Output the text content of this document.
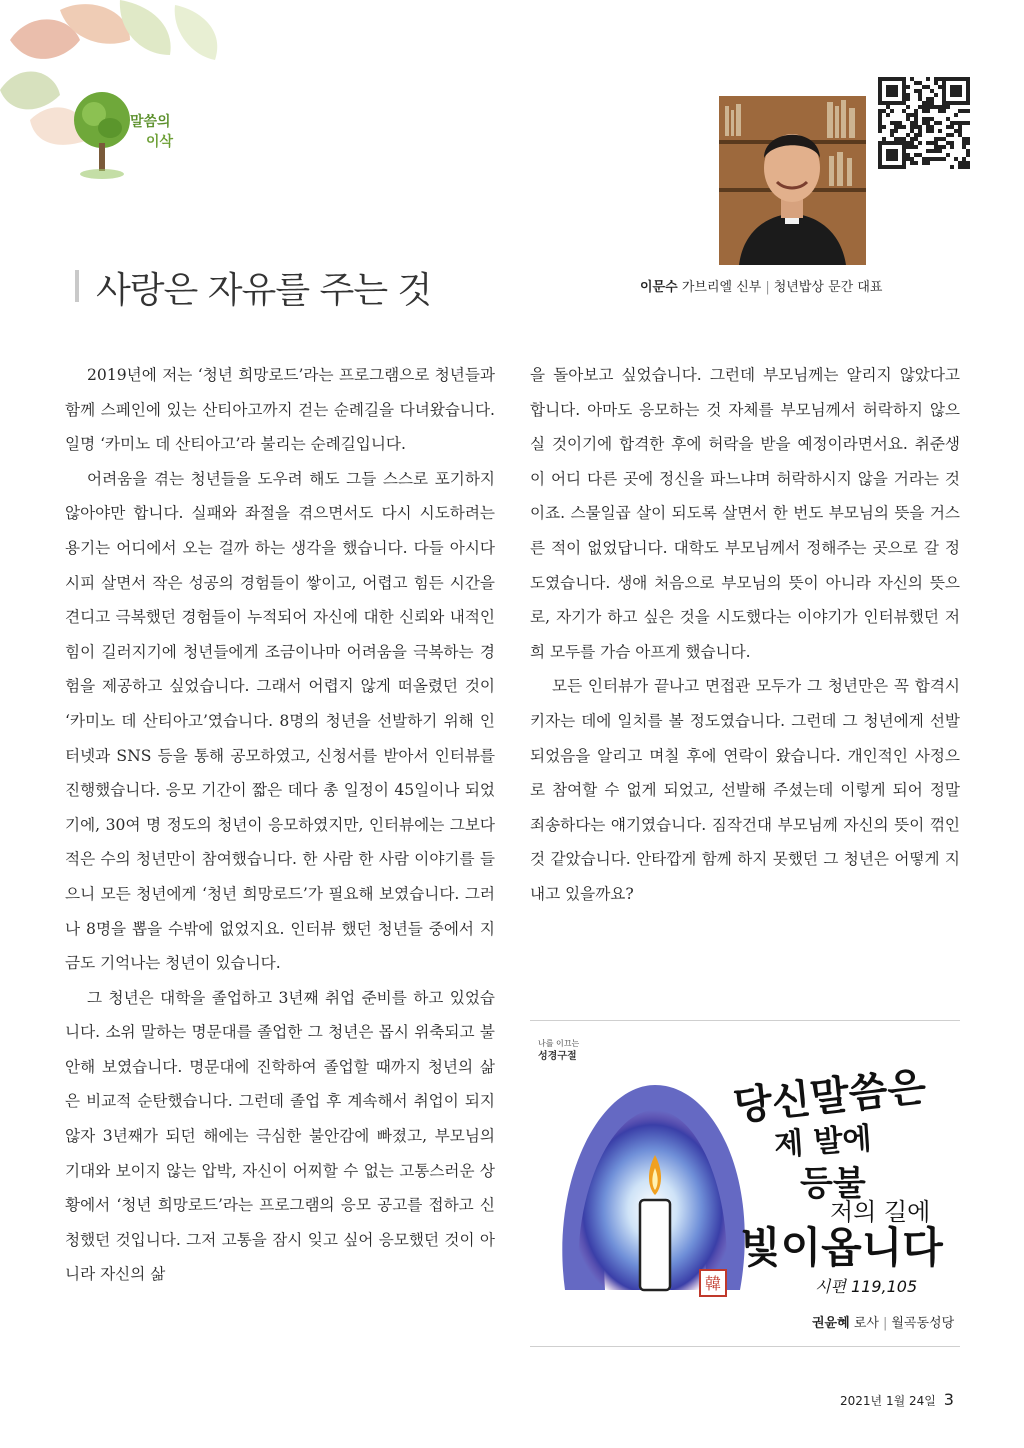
말씀의
이삭
사랑은 자유를 주는 것	이문수 가브리엘 신부 | 청년밥상 문간 대표

2019년에 저는 ‘청년 희망로드’라는 프로그램으로 청년들과 함께 스페인에 있는 산티아고까지 걷는 순례길을 다녀왔습니다. 일명 ‘카미노 데 산티아고’라 불리는 순례길입니다.

어려움을 겪는 청년들을 도우려 해도 그들 스스로 포기하지 않아야만 합니다. 실패와 좌절을 겪으면서도 다시 시도하려는 용기는 어디에서 오는 걸까 하는 생각을 했습니다. 다들 아시다시피 살면서 작은 성공의 경험들이 쌓이고, 어렵고 힘든 시간을 견디고 극복했던 경험들이 누적되어 자신에 대한 신뢰와 내적인 힘이 길러지기에 청년들에게 조금이나마 어려움을 극복하는 경험을 제공하고 싶었습니다. 그래서 어렵지 않게 떠올렸던 것이 ‘카미노 데 산티아고’였습니다. 8명의 청년을 선발하기 위해 인터넷과 SNS 등을 통해 공모하였고, 신청서를 받아서 인터뷰를 진행했습니다. 응모 기간이 짧은 데다 총 일정이 45일이나 되었기에, 30여 명 정도의 청년이 응모하였지만, 인터뷰에는 그보다 적은 수의 청년만이 참여했습니다. 한 사람 한 사람 이야기를 들으니 모든 청년에게 ‘청년 희망로드’가 필요해 보였습니다. 그러나 8명을 뽑을 수밖에 없었지요. 인터뷰 했던 청년들 중에서 지금도 기억나는 청년이 있습니다.

그 청년은 대학을 졸업하고 3년째 취업 준비를 하고 있었습니다. 소위 말하는 명문대를 졸업한 그 청년은 몹시 위축되고 불안해 보였습니다. 명문대에 진학하여 졸업할 때까지 청년의 삶은 비교적 순탄했습니다. 그런데 졸업 후 계속해서 취업이 되지 않자 3년째가 되던 해에는 극심한 불안감에 빠졌고, 부모님의 기대와 보이지 않는 압박, 자신이 어찌할 수 없는 고통스러운 상황에서 ‘청년 희망로드’라는 프로그램의 응모 공고를 접하고 신청했던 것입니다. 그저 고통을 잠시 잊고 싶어 응모했던 것이 아니라 자신의 삶

을 돌아보고 싶었습니다. 그런데 부모님께는 알리지 않았다고 합니다. 아마도 응모하는 것 자체를 부모님께서 허락하지 않으실 것이기에 합격한 후에 허락을 받을 예정이라면서요. 취준생이 어디 다른 곳에 정신을 파느냐며 허락하시지 않을 거라는 것이죠. 스물일곱 살이 되도록 살면서 한 번도 부모님의 뜻을 거스른 적이 없었답니다. 대학도 부모님께서 정해주는 곳으로 갈 정도였습니다. 생애 처음으로 부모님의 뜻이 아니라 자신의 뜻으로, 자기가 하고 싶은 것을 시도했다는 이야기가 인터뷰했던 저희 모두를 가슴 아프게 했습니다.

모든 인터뷰가 끝나고 면접관 모두가 그 청년만은 꼭 합격시키자는 데에 일치를 볼 정도였습니다. 그런데 그 청년에게 선발되었음을 알리고 며칠 후에 연락이 왔습니다. 개인적인 사정으로 참여할 수 없게 되었고, 선발해 주셨는데 이렇게 되어 정말 죄송하다는 얘기였습니다. 짐작건대 부모님께 자신의 뜻이 꺾인 것 같았습니다. 안타깝게 함께 하지 못했던 그 청년은 어떻게 지내고 있을까요?

나를 이끄는
성경구절
당신말씀은
제 발에
등불
저의 길에
빛이옵니다
시편 119,105
韓
권윤혜 로사 | 월곡동성당
2021년 1월 24일 3
